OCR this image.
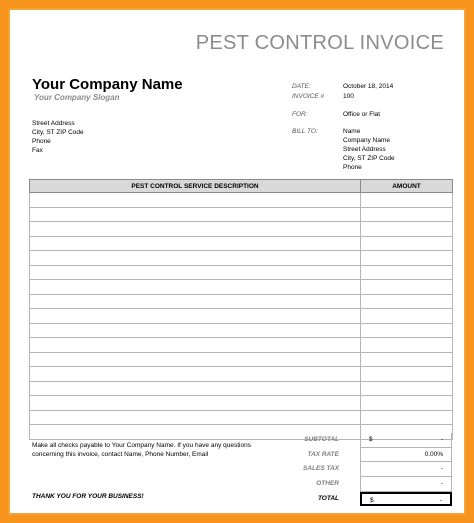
PEST CONTROL INVOICE
Your Company Name
Your Company Slogan
Street Address
City, ST ZIP Code
Phone
Fax
DATE:	October 18, 2014
INVOICE #	100
FOR:	Office or Flat
BILL TO:	Name
Company Name
Street Address
City, ST ZIP Code
Phone
PEST CONTROL SERVICE DESCRIPTION	AMOUNT

SUBTOTAL	$	-
TAX RATE	0.00%
SALES TAX	-
OTHER	-
TOTAL	$	-
Make all checks payable to Your Company Name. If you have any questions concerning this invoice, contact Name, Phone Number, Email
THANK YOU FOR YOUR BUSINESS!
